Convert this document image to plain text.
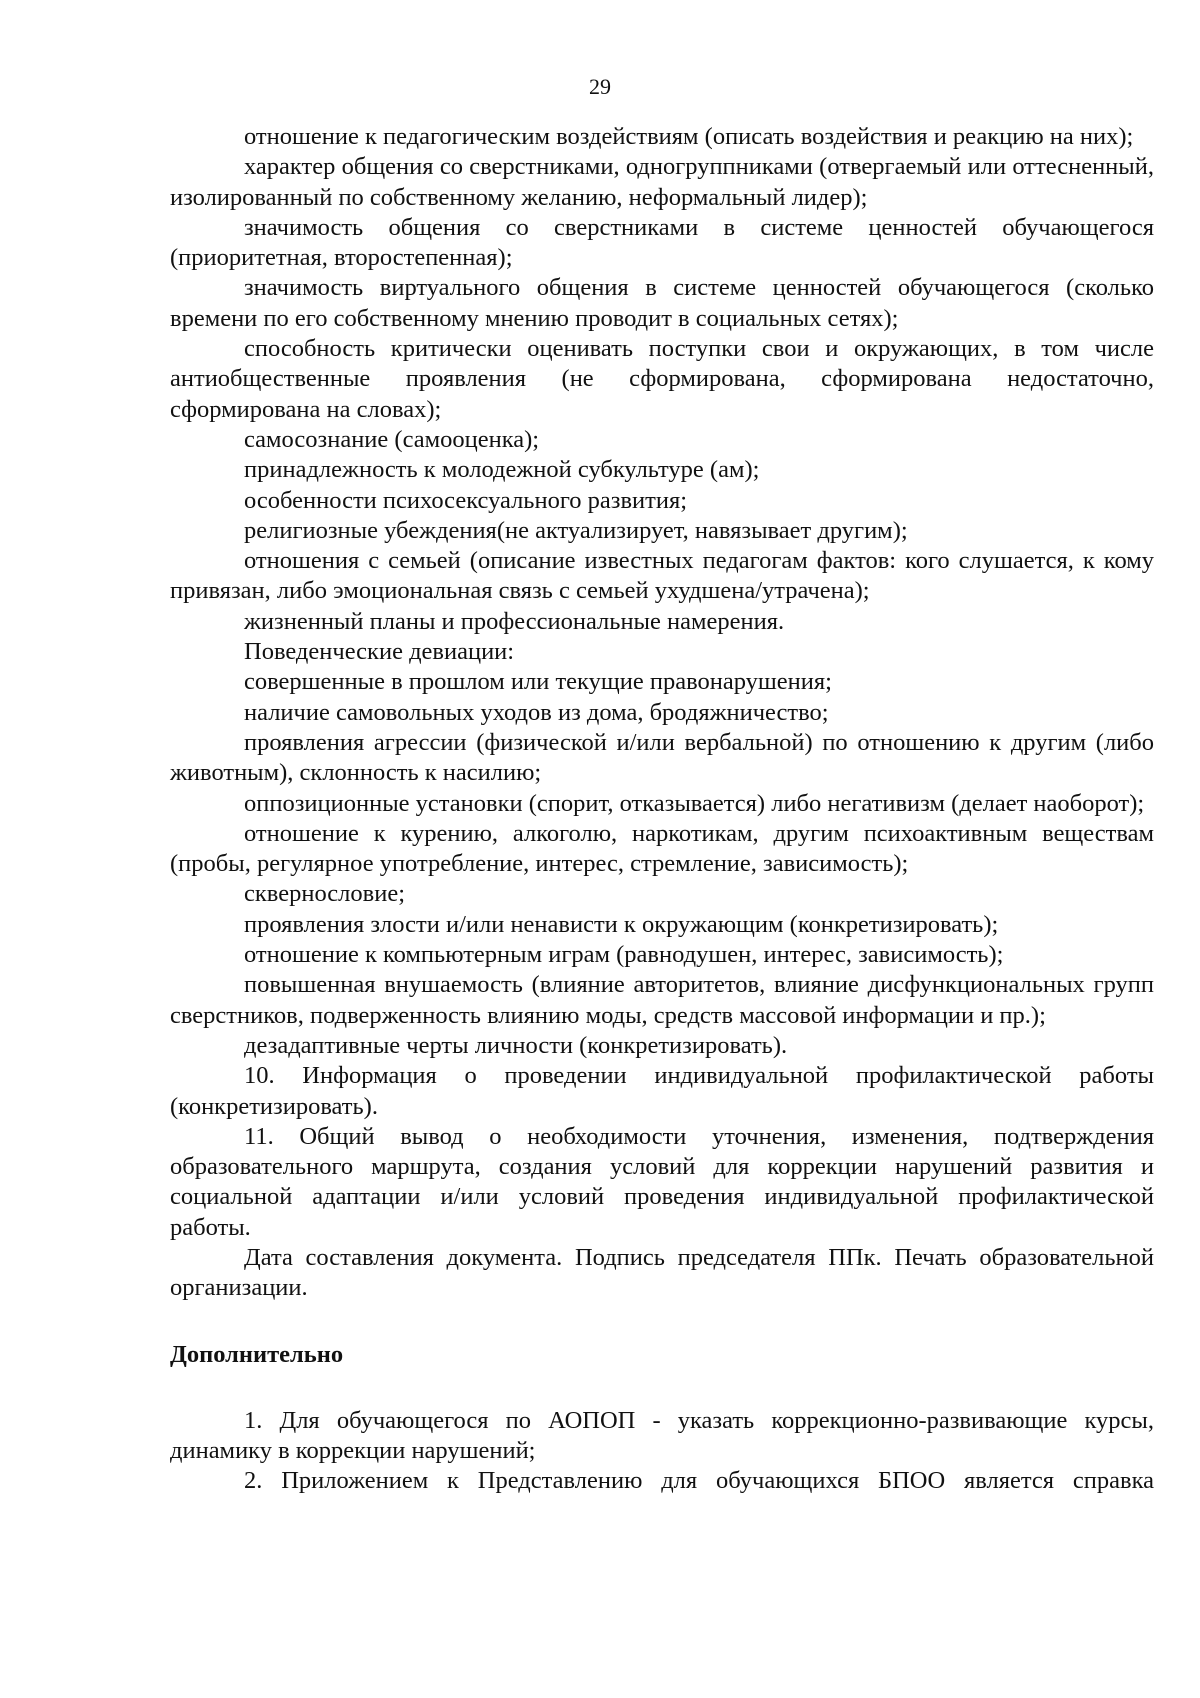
29

отношение к педагогическим воздействиям (описать воздействия и реакцию на них);

характер общения со сверстниками, одногруппниками (отвергаемый или оттесненный, изолированный по собственному желанию, неформальный лидер);

значимость общения со сверстниками в системе ценностей обучающегося (приоритетная, второстепенная);

значимость виртуального общения в системе ценностей обучающегося (сколько времени по его собственному мнению проводит в социальных сетях);

способность критически оценивать поступки свои и окружающих, в том числе антиобщественные проявления (не сформирована, сформирована недостаточно, сформирована на словах);

самосознание (самооценка);

принадлежность к молодежной субкультуре (ам);

особенности психосексуального развития;

религиозные убеждения(не актуализирует, навязывает другим);

отношения с семьей (описание известных педагогам фактов: кого слушается, к кому привязан, либо эмоциональная связь с семьей ухудшена/утрачена);

жизненный планы и профессиональные намерения.

Поведенческие девиации:

совершенные в прошлом или текущие правонарушения;

наличие самовольных уходов из дома, бродяжничество;

проявления агрессии (физической и/или вербальной) по отношению к другим (либо животным), склонность к насилию;

оппозиционные установки (спорит, отказывается) либо негативизм (делает наоборот);

отношение к курению, алкоголю, наркотикам, другим психоактивным веществам (пробы, регулярное употребление, интерес, стремление, зависимость);

сквернословие;

проявления злости и/или ненависти к окружающим (конкретизировать);

отношение к компьютерным играм (равнодушен, интерес, зависимость);

повышенная внушаемость (влияние авторитетов, влияние дисфункциональных групп сверстников, подверженность влиянию моды, средств массовой информации и пр.);

дезадаптивные черты личности (конкретизировать).

10. Информация о проведении индивидуальной профилактической работы (конкретизировать).

11. Общий вывод о необходимости уточнения, изменения, подтверждения образовательного маршрута, создания условий для коррекции нарушений развития и социальной адаптации и/или условий проведения индивидуальной профилактической работы.

Дата составления документа. Подпись председателя ППк. Печать образовательной организации.

Дополнительно

1. Для обучающегося по АОПОП - указать коррекционно-развивающие курсы, динамику в коррекции нарушений;

2. Приложением к Представлению для обучающихся БПОО является справка
